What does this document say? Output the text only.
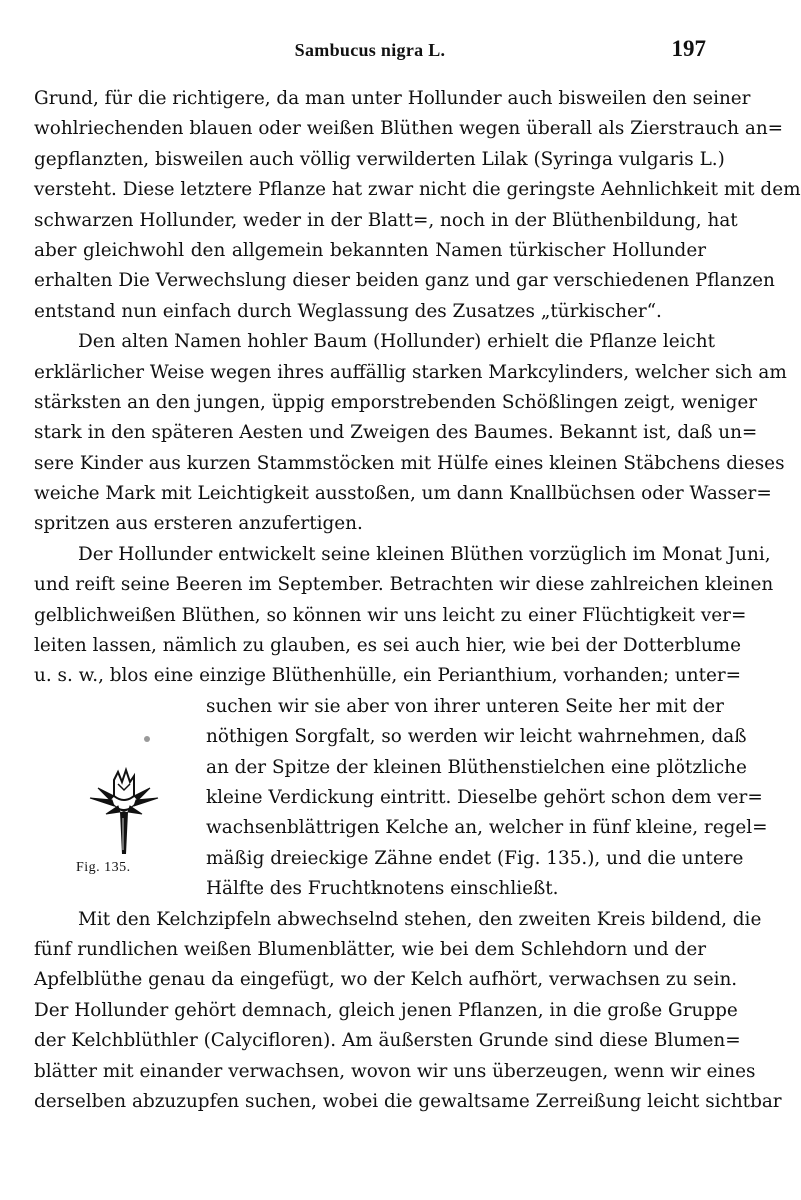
Sambucus nigra L.	197
Grund, für die richtigere, da man unter Hollunder auch bisweilen den seiner
wohlriechenden blauen oder weißen Blüthen wegen überall als Zierstrauch an=
gepflanzten, bisweilen auch völlig verwilderten Lilak (Syringa vulgaris L.)
versteht. Diese letztere Pflanze hat zwar nicht die geringste Aehnlichkeit mit dem
schwarzen Hollunder, weder in der Blatt=, noch in der Blüthenbildung, hat
aber gleichwohl den allgemein bekannten Namen türkischer Hollunder
erhalten Die Verwechslung dieser beiden ganz und gar verschiedenen Pflanzen
entstand nun einfach durch Weglassung des Zusatzes „türkischer“.
Den alten Namen hohler Baum (Hollunder) erhielt die Pflanze leicht
erklärlicher Weise wegen ihres auffällig starken Markcylinders, welcher sich am
stärksten an den jungen, üppig emporstrebenden Schößlingen zeigt, weniger
stark in den späteren Aesten und Zweigen des Baumes. Bekannt ist, daß un=
sere Kinder aus kurzen Stammstöcken mit Hülfe eines kleinen Stäbchens dieses
weiche Mark mit Leichtigkeit ausstoßen, um dann Knallbüchsen oder Wasser=
spritzen aus ersteren anzufertigen.
Der Hollunder entwickelt seine kleinen Blüthen vorzüglich im Monat Juni,
und reift seine Beeren im September. Betrachten wir diese zahlreichen kleinen
gelblichweißen Blüthen, so können wir uns leicht zu einer Flüchtigkeit ver=
leiten lassen, nämlich zu glauben, es sei auch hier, wie bei der Dotterblume
u. s. w., blos eine einzige Blüthenhülle, ein Perianthium, vorhanden; unter=
suchen wir sie aber von ihrer unteren Seite her mit der
nöthigen Sorgfalt, so werden wir leicht wahrnehmen, daß
an der Spitze der kleinen Blüthenstielchen eine plötzliche
kleine Verdickung eintritt. Dieselbe gehört schon dem ver=
wachsenblättrigen Kelche an, welcher in fünf kleine, regel=
mäßig dreieckige Zähne endet (Fig. 135.), und die untere
Hälfte des Fruchtknotens einschließt.
Mit den Kelchzipfeln abwechselnd stehen, den zweiten Kreis bildend, die
fünf rundlichen weißen Blumenblätter, wie bei dem Schlehdorn und der
Apfelblüthe genau da eingefügt, wo der Kelch aufhört, verwachsen zu sein.
Der Hollunder gehört demnach, gleich jenen Pflanzen, in die große Gruppe
der Kelchblüthler (Calycifloren). Am äußersten Grunde sind diese Blumen=
blätter mit einander verwachsen, wovon wir uns überzeugen, wenn wir eines
derselben abzuzupfen suchen, wobei die gewaltsame Zerreißung leicht sichtbar
Fig. 135.
